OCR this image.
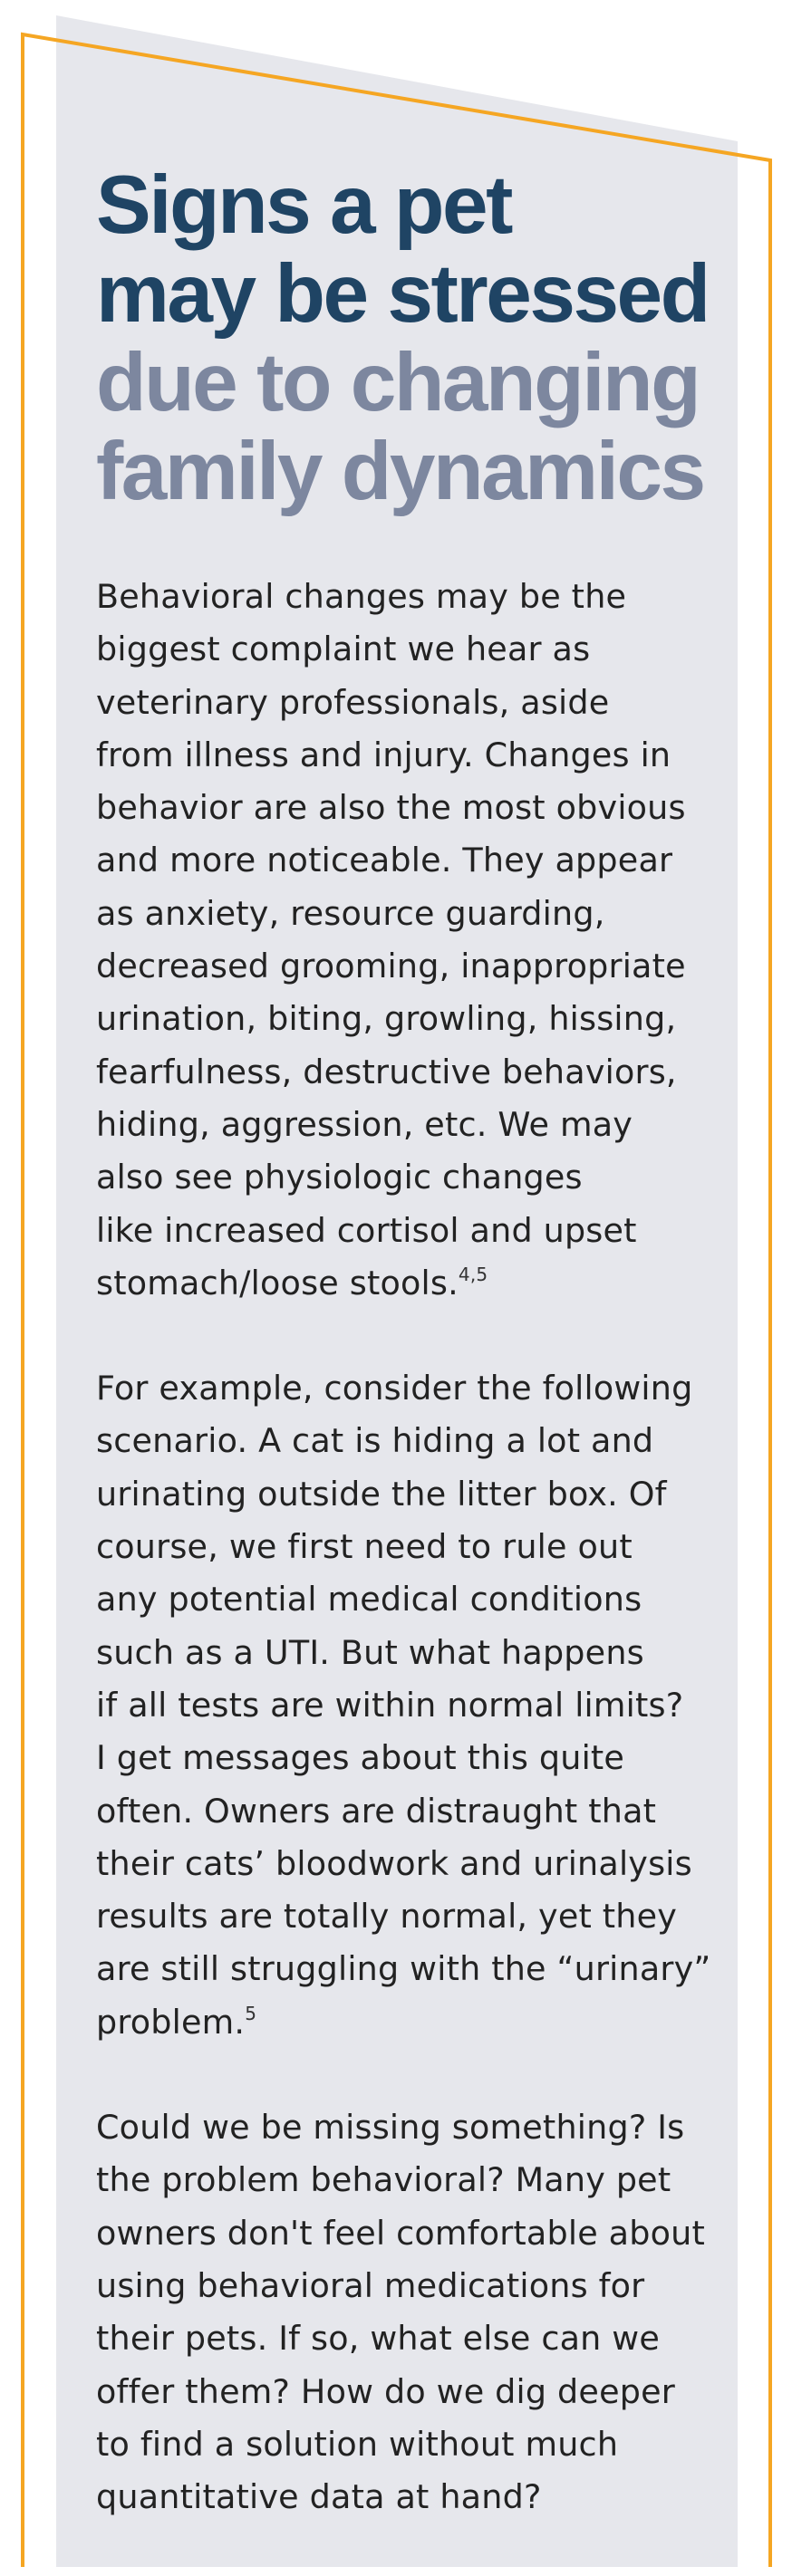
Signs a pet
may be stressed
due to changing
family dynamics

Behavioral changes may be the
biggest complaint we hear as
veterinary professionals, aside
from illness and injury. Changes in
behavior are also the most obvious
and more noticeable. They appear
as anxiety, resource guarding,
decreased grooming, inappropriate
urination, biting, growling, hissing,
fearfulness, destructive behaviors,
hiding, aggression, etc. We may
also see physiologic changes
like increased cortisol and upset
stomach/loose stools.$^{4,5}$

For example, consider the following
scenario. A cat is hiding a lot and
urinating outside the litter box. Of
course, we first need to rule out
any potential medical conditions
such as a UTI. But what happens
if all tests are within normal limits?
I get messages about this quite
often. Owners are distraught that
their cats’ bloodwork and urinalysis
results are totally normal, yet they
are still struggling with the “urinary”
problem.$^5$

Could we be missing something? Is
the problem behavioral? Many pet
owners don't feel comfortable about
using behavioral medications for
their pets. If so, what else can we
offer them? How do we dig deeper
to find a solution without much
quantitative data at hand?
